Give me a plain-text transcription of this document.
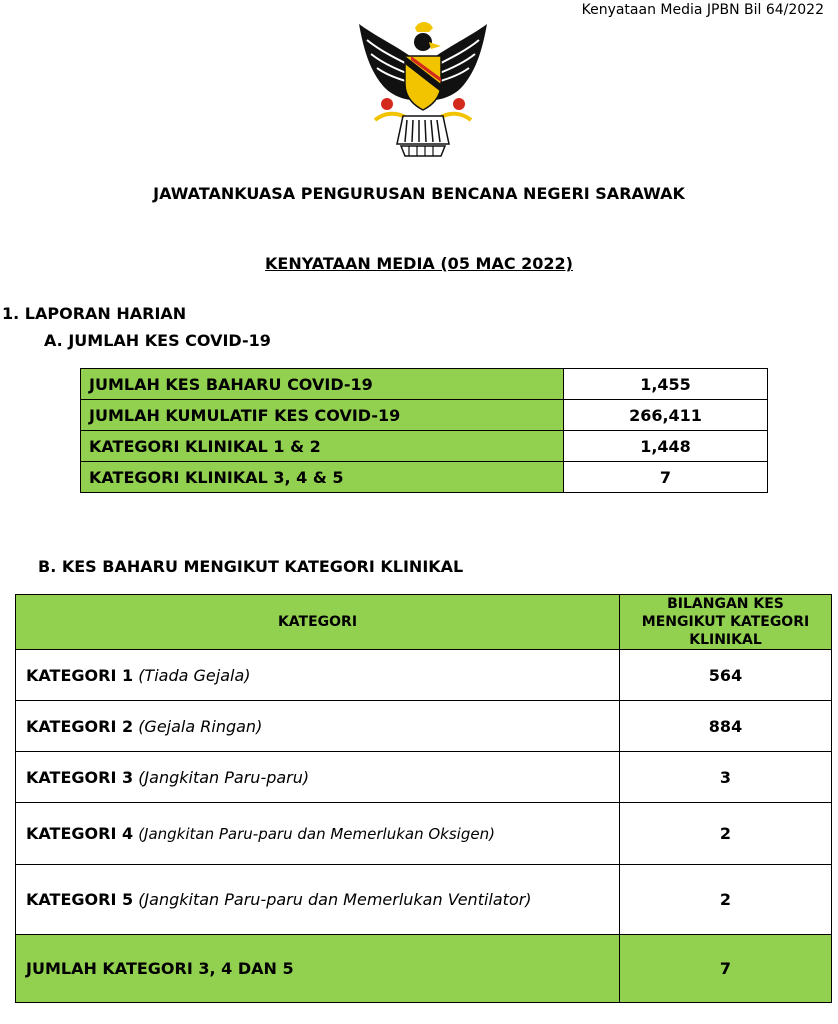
Kenyataan Media JPBN Bil 64/2022
JAWATANKUASA PENGURUSAN BENCANA NEGERI SARAWAK
KENYATAAN MEDIA (05 MAC 2022)
1. LAPORAN HARIAN
A. JUMLAH KES COVID-19
JUMLAH KES BAHARU COVID-19	1,455
JUMLAH KUMULATIF KES COVID-19	266,411
KATEGORI KLINIKAL 1 & 2	1,448
KATEGORI KLINIKAL 3, 4 & 5	7
B. KES BAHARU MENGIKUT KATEGORI KLINIKAL
KATEGORI	BILANGAN KES MENGIKUT KATEGORI KLINIKAL
KATEGORI 1 (Tiada Gejala)	564
KATEGORI 2 (Gejala Ringan)	884
KATEGORI 3 (Jangkitan Paru-paru)	3
KATEGORI 4 (Jangkitan Paru-paru dan Memerlukan Oksigen)	2
KATEGORI 5 (Jangkitan Paru-paru dan Memerlukan Ventilator)	2
JUMLAH KATEGORI 3, 4 DAN 5	7
